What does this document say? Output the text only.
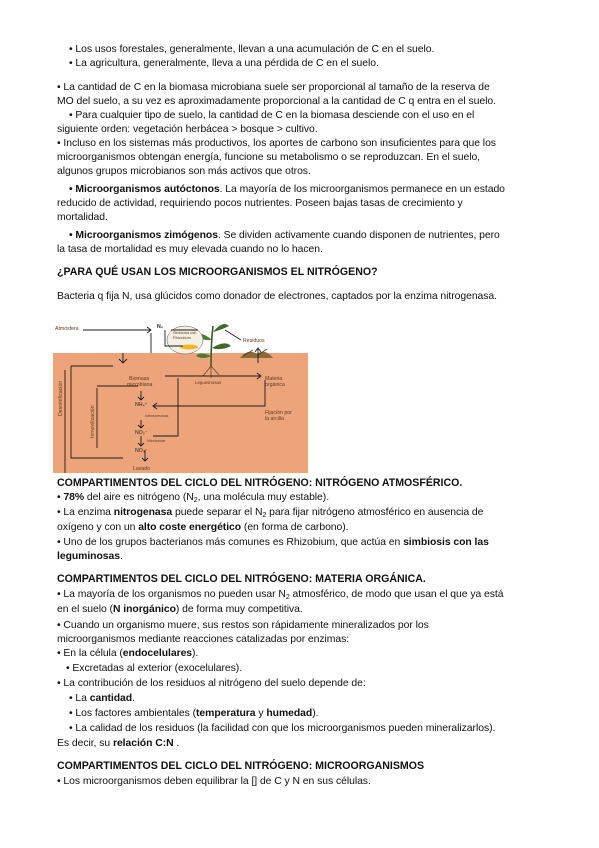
• Los usos forestales, generalmente, llevan a una acumulación de C en el suelo.
• La agricultura, generalmente, lleva a una pérdida de C en el suelo.
• La cantidad de C en la biomasa microbiana suele ser proporcional al tamaño de la reserva de
MO del suelo, a su vez es aproximadamente proporcional a la cantidad de C q entra en el suelo.
• Para cualquier tipo de suelo, la cantidad de C en la biomasa desciende con el uso en el
siguiente orden: vegetación herbácea > bosque > cultivo.
• Incluso en los sistemas más productivos, los aportes de carbono son insuficientes para que los
microorganismos obtengan energía, funcione su metabolismo o se reproduzcan. En el suelo,
algunos grupos microbianos son más activos que otros.
• Microorganismos autóctonos. La mayoría de los microorganismos permanece en un estado
reducido de actividad, requiriendo pocos nutrientes. Poseen bajas tasas de crecimiento y
mortalidad.
• Microorganismos zimógenos. Se dividen activamente cuando disponen de nutrientes, pero
la tasa de mortalidad es muy elevada cuando no lo hacen.
¿PARA QUÉ USAN LOS MICROORGANISMOS EL NITRÓGENO?
Bacteria q fija N, usa glúcidos como donador de electrones, captados por la enzima nitrogenasa.
Simbiosis con
Rhizobium
Atmósfera	N₂
Residuos
Leguminosas
Biomasa
microbiana
Materia
orgánica
NH₄⁺
Fijación por
la arcilla
Nitrosomonas
NO₂⁻
Nitrobacter
NO₃⁻
Lavado
Desnitrificación
Inmovilización
COMPARTIMENTOS DEL CICLO DEL NITRÓGENO: NITRÓGENO ATMOSFÉRICO.
• 78% del aire es nitrógeno ($N_2$, una molécula muy estable).
• La enzima nitrogenasa puede separar el $N_2$ para fijar nitrógeno atmosférico en ausencia de
oxígeno y con un alto coste energético (en forma de carbono).
• Uno de los grupos bacterianos más comunes es Rhizobium, que actúa en simbiosis con las
leguminosas.
COMPARTIMENTOS DEL CICLO DEL NITRÓGENO: MATERIA ORGÁNICA.
• La mayoría de los organismos no pueden usar $N_2$ atmosférico, de modo que usan el que ya está
en el suelo (N inorgánico) de forma muy competitiva.
• Cuando un organismo muere, sus restos son rápidamente mineralizados por los
microorganismos mediante reacciones catalizadas por enzimas:
• En la célula (endocelulares).
• Excretadas al exterior (exocelulares).
• La contribución de los residuos al nitrógeno del suelo depende de:
• La cantidad.
• Los factores ambientales (temperatura y humedad).
• La calidad de los residuos (la facilidad con que los microorganismos pueden mineralizarlos).
Es decir, su relación C:N .
COMPARTIMENTOS DEL CICLO DEL NITRÓGENO: MICROORGANISMOS
• Los microorganismos deben equilibrar la [] de C y N en sus células.
